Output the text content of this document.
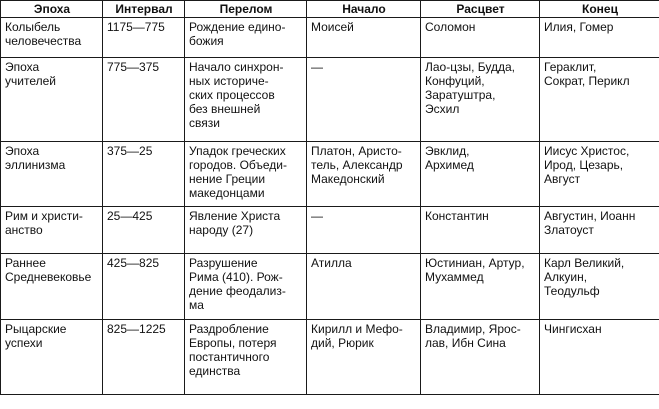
Эпоха	Интервал	Перелом	Начало	Расцвет	Конец

Колыбель
человечества	1175—775	Рождение едино-
божия	Моисей	Соломон	Илия, Гомер

Эпоха
учителей	775—375	Начало синхрон-
ных историче-
ских процессов
без внешней
связи	—	Лао-цзы, Будда,
Конфуций,
Заратуштра,
Эсхил	Гераклит,
Сократ, Перикл

Эпоха
эллинизма	375—25	Упадок греческих
городов. Объеди-
нение Греции
македонцами	Платон, Аристо-
тель, Александр
Македонский	Эвклид,
Архимед	Иисус Христос,
Ирод, Цезарь,
Август

Рим и христи-
анство	25—425	Явление Христа
народу (27)	—	Константин	Августин, Иоанн
Златоуст

Раннее
Средневековье	425—825	Разрушение
Рима (410). Рож-
дение феодализ-
ма	Атилла	Юстиниан, Артур,
Мухаммед	Карл Великий,
Алкуин,
Теодульф

Рыцарские
успехи	825—1225	Раздробление
Европы, потеря
постантичного
единства	Кирилл и Мефо-
дий, Рюрик	Владимир, Ярос-
лав, Ибн Сина	Чингисхан
